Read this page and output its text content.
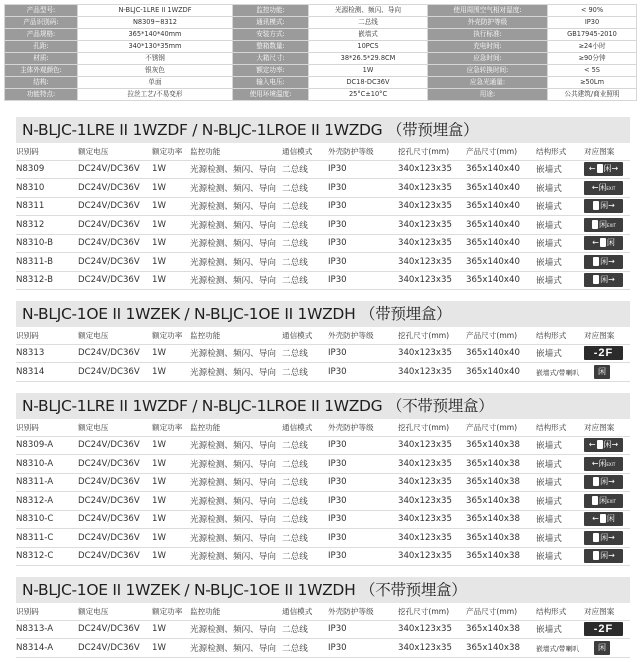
产品型号:	N-BLJC-1LRE II 1WZDF	监控功能:	光源检测、频闪、导向	使用周围空气相对湿度:	< 90%
产品识别码:	N8309~8312	通讯模式:	二总线	外壳防护等级	IP30
产品规格:	365*140*40mm	安装方式:	嵌墙式	执行标准:	GB17945-2010
孔距:	340*130*35mm	整箱数量:	10PCS	充电时间:	≥24小时
材质:	不锈钢	大箱尺寸:	38*26.5*29.8CM	应急时间:	≥90分钟
主体外观颜色:	银灰色	额定功率:	1W	应急转换时间:	< 5S
结构:	单面	输入电压:	DC18-DC36V	应急光通量:	≥50Lm
功能特点:	拉丝工艺/不易变形	使用环境温度:	25°C±10°C	用途:	公共建筑/商业照明
N-BLJC-1LRE II 1WZDF / N-BLJC-1LROE II 1WZDG （带预埋盒）
识别码	额定电压	额定功率	监控功能	通信模式	外壳防护等级	挖孔尺寸(mm)	产品尺寸(mm)	结构形式	对应图案
N8309	DC24V/DC36V	1W	光源检测、频闪、导向	二总线	IP30	340x123x35	365x140x40	嵌墙式	← 闲→
N8310	DC24V/DC36V	1W	光源检测、频闪、导向	二总线	IP30	340x123x35	365x140x40	嵌墙式	←闲EXIT
N8311	DC24V/DC36V	1W	光源检测、频闪、导向	二总线	IP30	340x123x35	365x140x40	嵌墙式	闲→
N8312	DC24V/DC36V	1W	光源检测、频闪、导向	二总线	IP30	340x123x35	365x140x40	嵌墙式	闲EXIT
N8310-B	DC24V/DC36V	1W	光源检测、频闪、导向	二总线	IP30	340x123x35	365x140x40	嵌墙式	← 闲
N8311-B	DC24V/DC36V	1W	光源检测、频闪、导向	二总线	IP30	340x123x35	365x140x40	嵌墙式	闲→
N8312-B	DC24V/DC36V	1W	光源检测、频闪、导向	二总线	IP30	340x123x35	365x140x40	嵌墙式	闲→
N-BLJC-1OE II 1WZEK / N-BLJC-1OE II 1WZDH （带预埋盒）
识别码	额定电压	额定功率	监控功能	通信模式	外壳防护等级	挖孔尺寸(mm)	产品尺寸(mm)	结构形式	对应图案
N8313	DC24V/DC36V	1W	光源检测、频闪、导向	二总线	IP30	340x123x35	365x140x40	嵌墙式	-2F
N8314	DC24V/DC36V	1W	光源检测、频闪、导向	二总线	IP30	340x123x35	365x140x40	嵌墙式/带喇叭	闲
N-BLJC-1LRE II 1WZDF / N-BLJC-1LROE II 1WZDG （不带预埋盒）
识别码	额定电压	额定功率	监控功能	通信模式	外壳防护等级	挖孔尺寸(mm)	产品尺寸(mm)	结构形式	对应图案
N8309-A	DC24V/DC36V	1W	光源检测、频闪、导向	二总线	IP30	340x123x35	365x140x38	嵌墙式	← 闲→
N8310-A	DC24V/DC36V	1W	光源检测、频闪、导向	二总线	IP30	340x123x35	365x140x38	嵌墙式	←闲EXIT
N8311-A	DC24V/DC36V	1W	光源检测、频闪、导向	二总线	IP30	340x123x35	365x140x38	嵌墙式	闲→
N8312-A	DC24V/DC36V	1W	光源检测、频闪、导向	二总线	IP30	340x123x35	365x140x38	嵌墙式	闲EXIT
N8310-C	DC24V/DC36V	1W	光源检测、频闪、导向	二总线	IP30	340x123x35	365x140x38	嵌墙式	← 闲
N8311-C	DC24V/DC36V	1W	光源检测、频闪、导向	二总线	IP30	340x123x35	365x140x38	嵌墙式	闲→
N8312-C	DC24V/DC36V	1W	光源检测、频闪、导向	二总线	IP30	340x123x35	365x140x38	嵌墙式	闲→
N-BLJC-1OE II 1WZEK / N-BLJC-1OE II 1WZDH （不带预埋盒）
识别码	额定电压	额定功率	监控功能	通信模式	外壳防护等级	挖孔尺寸(mm)	产品尺寸(mm)	结构形式	对应图案
N8313-A	DC24V/DC36V	1W	光源检测、频闪、导向	二总线	IP30	340x123x35	365x140x38	嵌墙式	-2F
N8314-A	DC24V/DC36V	1W	光源检测、频闪、导向	二总线	IP30	340x123x35	365x140x38	嵌墙式/带喇叭	闲
